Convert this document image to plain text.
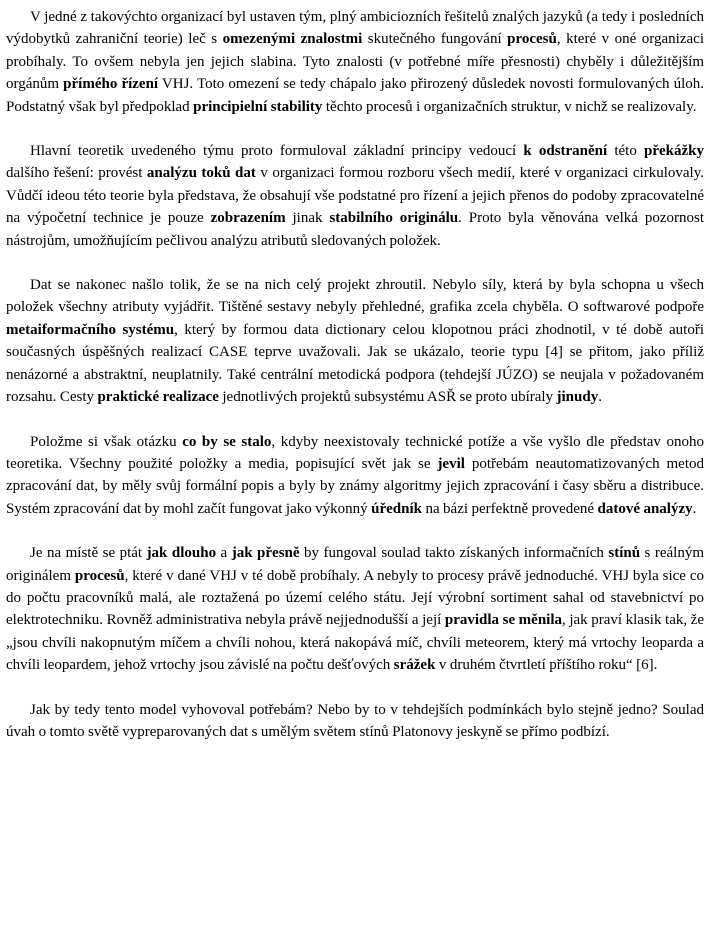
V jedné z takovýchto organizací byl ustaven tým, plný ambiciozních řešitelů znalých jazyků (a tedy i posledních výdobytků zahraniční teorie) leč s omezenými znalostmi skutečného fungování procesů, které v oné organizaci probíhaly. To ovšem nebyla jen jejich slabina. Tyto znalosti (v potřebné míře přesnosti) chyběly i důležitějším orgánům přímého řízení VHJ. Toto omezení se tedy chápalo jako přirozený důsledek novosti formulovaných úloh. Podstatný však byl předpoklad principielní stability těchto procesů i organizačních struktur, v nichž se realizovaly.

Hlavní teoretik uvedeného týmu proto formuloval základní principy vedoucí k odstranění této překážky dalšího řešení: provést analýzu toků dat v organizaci formou rozboru všech medií, které v organizaci cirkulovaly. Vůdčí ideou této teorie byla představa, že obsahují vše podstatné pro řízení a jejich přenos do podoby zpracovatelné na výpočetní technice je pouze zobrazením jinak stabilního originálu. Proto byla věnována velká pozornost nástrojům, umožňujícím pečlivou analýzu atributů sledovaných položek.

Dat se nakonec našlo tolik, že se na nich celý projekt zhroutil. Nebylo síly, která by byla schopna u všech položek všechny atributy vyjádřit. Tištěné sestavy nebyly přehledné, grafika zcela chyběla. O softwarové podpoře metaiformačního systému, který by formou data dictionary celou klopotnou práci zhodnotil, v té době autoři současných úspěšných realizací CASE teprve uvažovali. Jak se ukázalo, teorie typu [4] se přitom, jako příliž nenázorné a abstraktní, neuplatnily. Také centrální metodická podpora (tehdejší JÚZO) se neujala v požadovaném rozsahu. Cesty praktické realizace jednotlivých projektů subsystému ASŘ se proto ubíraly jinudy.

Položme si však otázku co by se stalo, kdyby neexistovaly technické potíže a vše vyšlo dle představ onoho teoretika. Všechny použité položky a media, popisující svět jak se jevil potřebám neautomatizovaných metod zpracování dat, by měly svůj formální popis a byly by známy algoritmy jejich zpracování i časy sběru a distribuce. Systém zpracování dat by mohl začít fungovat jako výkonný úředník na bázi perfektně provedené datové analýzy.

Je na místě se ptát jak dlouho a jak přesně by fungoval soulad takto získaných informačních stínů s reálným originálem procesů, které v dané VHJ v té době probíhaly. A nebyly to procesy právě jednoduché. VHJ byla sice co do počtu pracovníků malá, ale roztažená po území celého státu. Její výrobní sortiment sahal od stavebnictví po elektrotechniku. Rovněž administrativa nebyla právě nejjednodušší a její pravidla se měnila, jak praví klasik tak, že „jsou chvíli nakopnutým míčem a chvíli nohou, která nakopává míč, chvíli meteorem, který má vrtochy leoparda a chvíli leopardem, jehož vrtochy jsou závislé na počtu dešťových srážek v druhém čtvrtletí příštího roku“ [6].

Jak by tedy tento model vyhovoval potřebám? Nebo by to v tehdejších podmínkách bylo stejně jedno? Soulad úvah o tomto světě vypreparovaných dat s umělým světem stínů Platonovy jeskyně se přímo podbízí.
